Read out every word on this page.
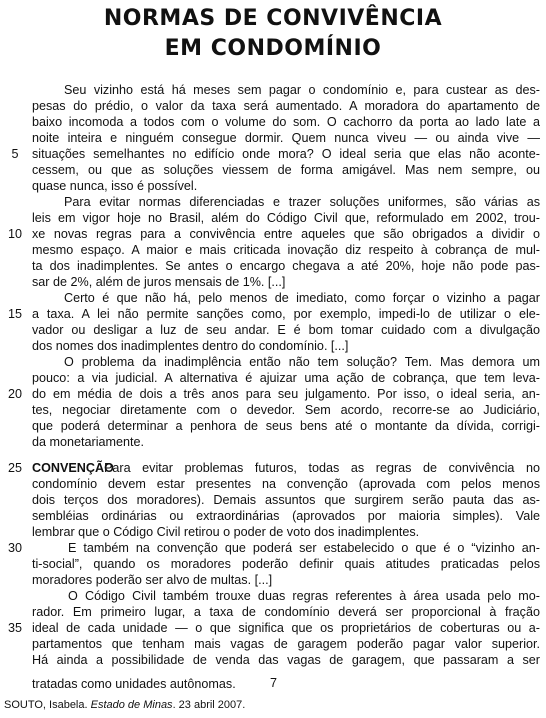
NORMAS DE CONVIVÊNCIA
EM CONDOMÍNIO
Seu vizinho está há meses sem pagar o condomínio e, para custear as des-
pesas do prédio, o valor da taxa será aumentado. A moradora do apartamento de
baixo incomoda a todos com o volume do som. O cachorro da porta ao lado late a
noite inteira e ninguém consegue dormir. Quem nunca viveu — ou ainda vive —
situações semelhantes no edifício onde mora? O ideal seria que elas não aconte-
cessem, ou que as soluções viessem de forma amigável. Mas nem sempre, ou
quase nunca, isso é possível.
Para evitar normas diferenciadas e trazer soluções uniformes, são várias as
leis em vigor hoje no Brasil, além do Código Civil que, reformulado em 2002, trou-
xe novas regras para a convivência entre aqueles que são obrigados a dividir o
mesmo espaço. A maior e mais criticada inovação diz respeito à cobrança de mul-
ta dos inadimplentes. Se antes o encargo chegava a até 20%, hoje não pode pas-
sar de 2%, além de juros mensais de 1%. [...]
Certo é que não há, pelo menos de imediato, como forçar o vizinho a pagar
a taxa. A lei não permite sanções como, por exemplo, impedi-lo de utilizar o ele-
vador ou desligar a luz de seu andar. E é bom tomar cuidado com a divulgação
dos nomes dos inadimplentes dentro do condomínio. [...]
O problema da inadimplência então não tem solução? Tem. Mas demora um
pouco: a via judicial. A alternativa é ajuizar uma ação de cobrança, que tem leva-
do em média de dois a três anos para seu julgamento. Por isso, o ideal seria, an-
tes, negociar diretamente com o devedor. Sem acordo, recorre-se ao Judiciário,
que poderá determinar a penhora de seus bens até o montante da dívida, corrigi-
da monetariamente.
Para evitar problemas futuros, todas as regras de convivência no
CONVENÇÃO
condomínio devem estar presentes na convenção (aprovada com pelos menos
dois terços dos moradores). Demais assuntos que surgirem serão pauta das as-
sembléias ordinárias ou extraordinárias (aprovados por maioria simples). Vale
lembrar que o Código Civil retirou o poder de voto dos inadimplentes.
E também na convenção que poderá ser estabelecido o que é o “vizinho an-
ti-social”, quando os moradores poderão definir quais atitudes praticadas pelos
moradores poderão ser alvo de multas. [...]
O Código Civil também trouxe duas regras referentes à área usada pelo mo-
rador. Em primeiro lugar, a taxa de condomínio deverá ser proporcional à fração
ideal de cada unidade — o que significa que os proprietários de coberturas ou a-
partamentos que tenham mais vagas de garagem poderão pagar valor superior.
Há ainda a possibilidade de venda das vagas de garagem, que passaram a ser
tratadas como unidades autônomas.
5
10
15
20
25
30
35
7
SOUTO, Isabela. Estado de Minas. 23 abril 2007.
